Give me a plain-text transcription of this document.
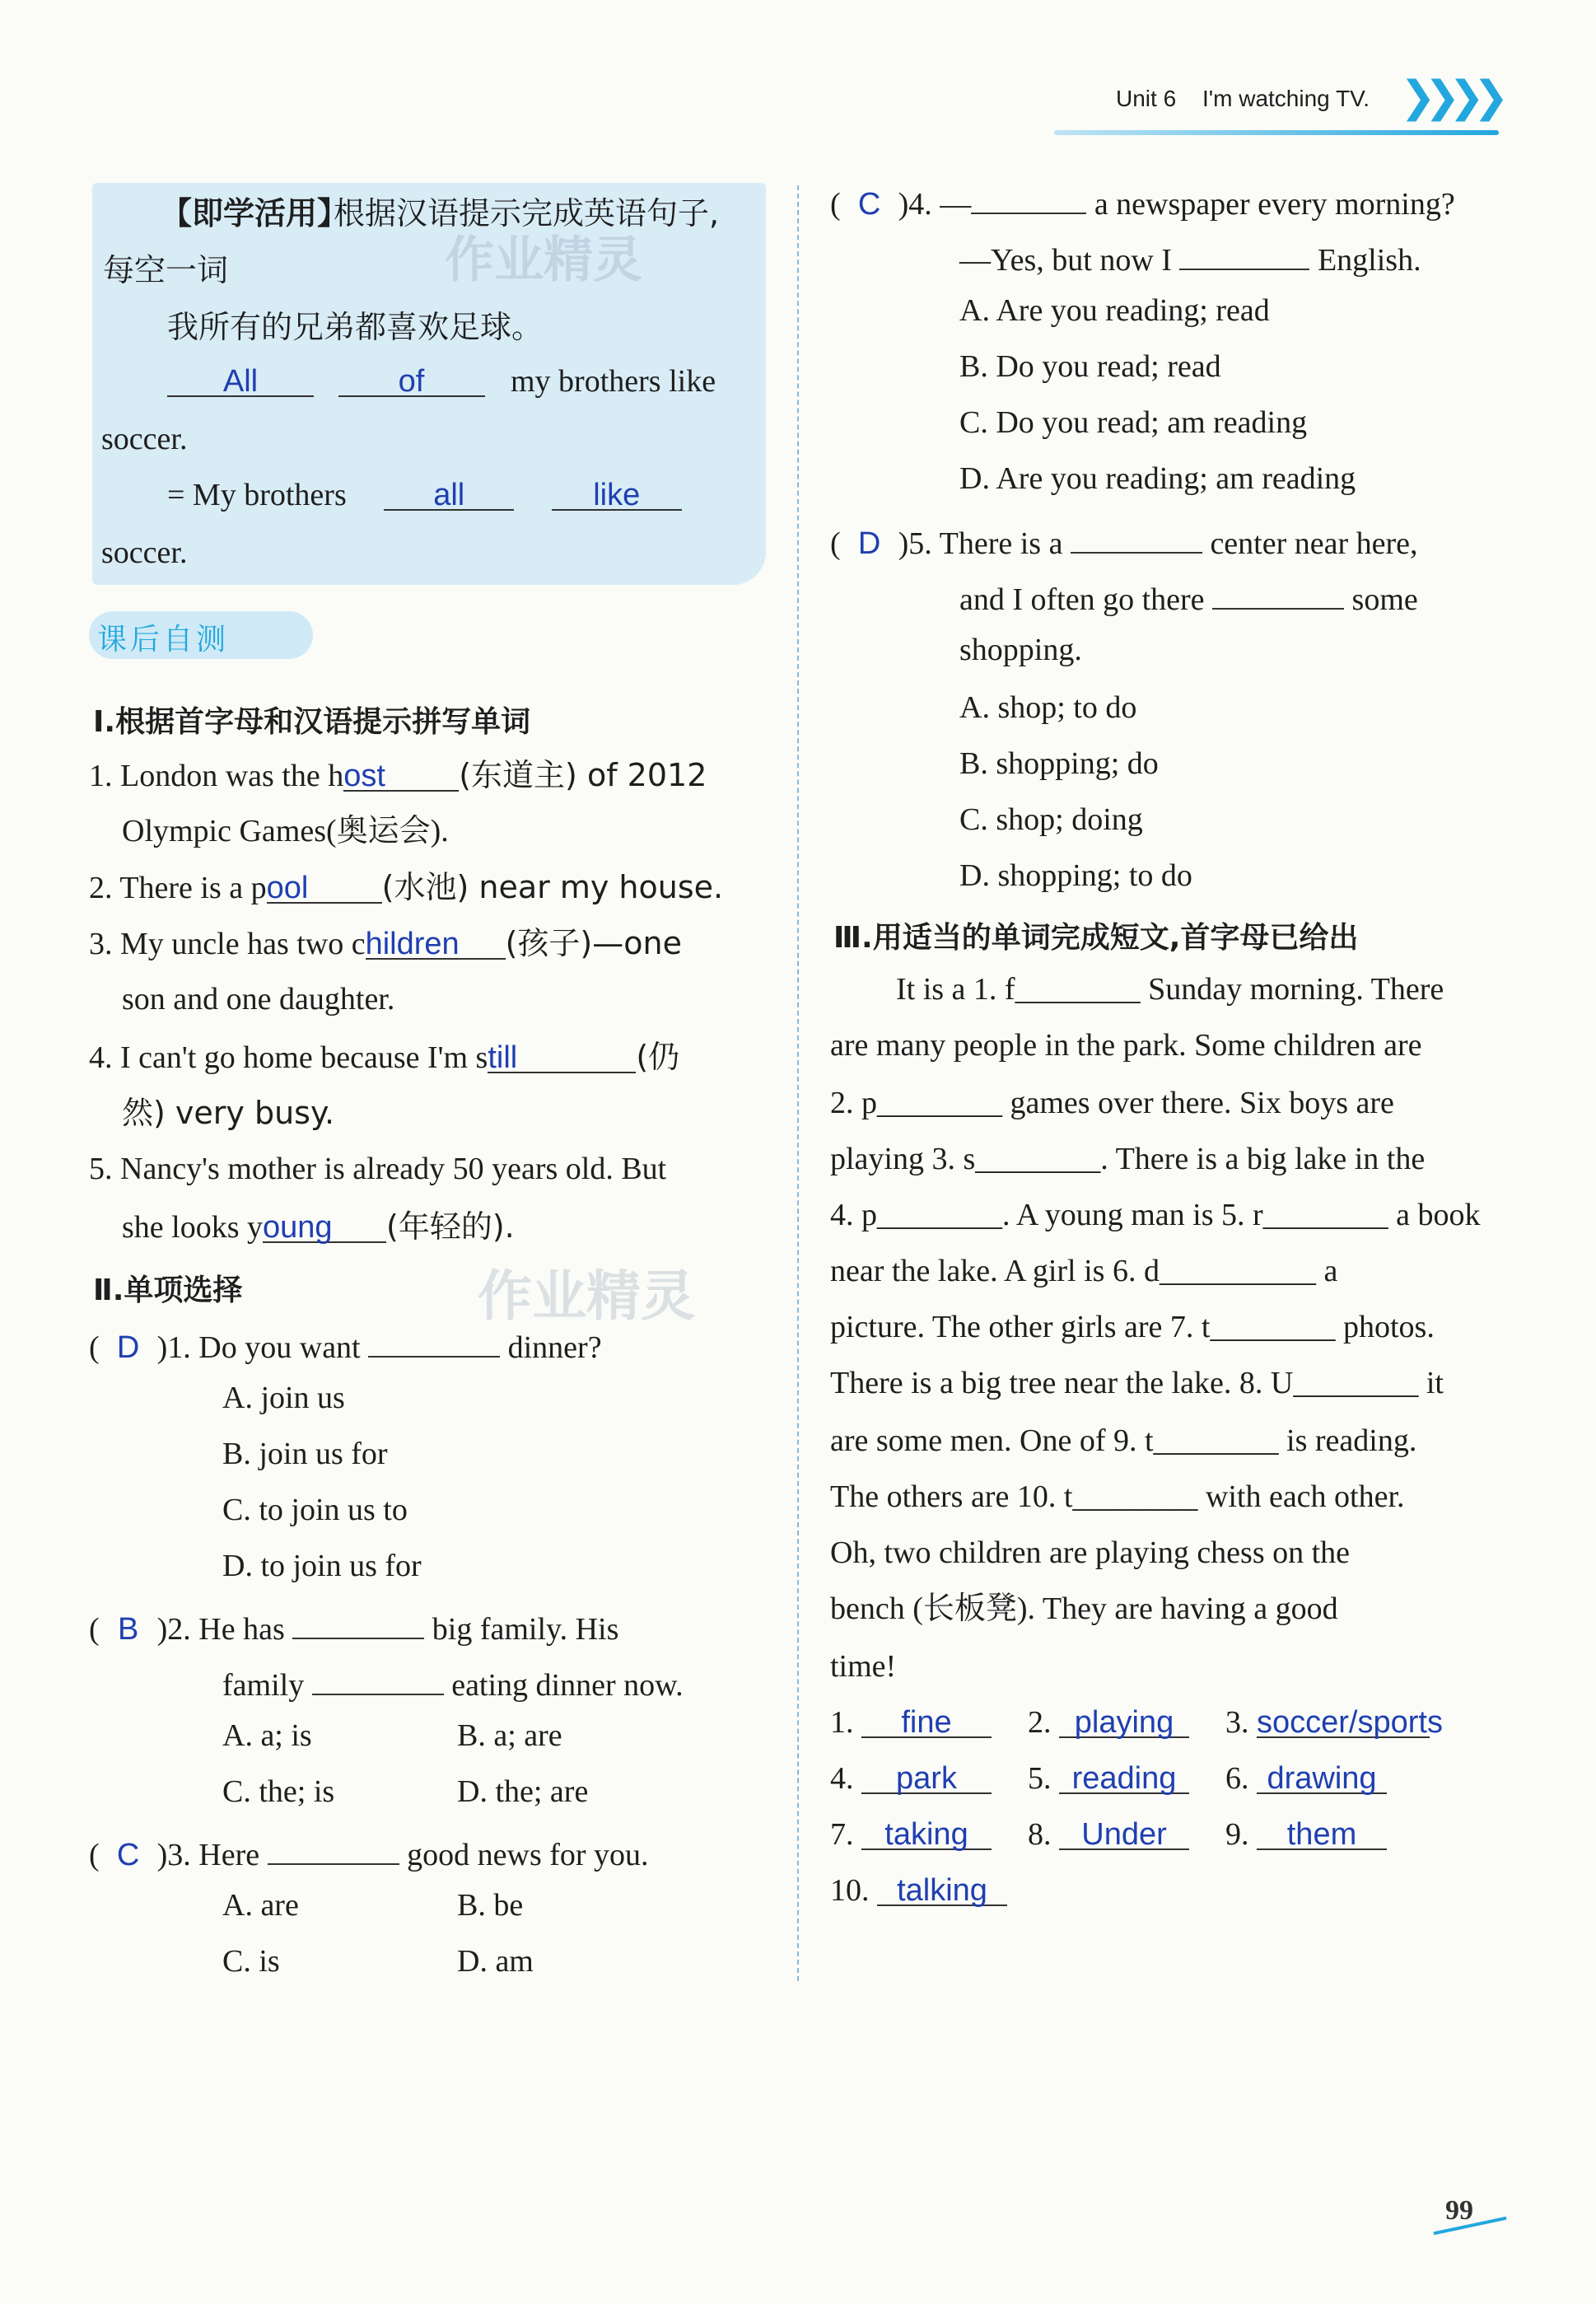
Unit 6 I'm watching TV. ❯❯❯❯
【即学活用】
根据汉语提示完成英语句子,
每空一词
我所有的兄弟都喜欢足球。
作业精灵
All	of	my brothers like
soccer.
= My brothers	all	like
soccer.
课后自测
Ⅰ.根据首字母和汉语提示拼写单词
1. London was the host (东道主) of 2012
Olympic Games(奥运会).
2. There is a pool (水池) near my house.
3. My uncle has two children (孩子)—one
son and one daughter.
4. I can't go home because I'm still	(仍
然) very busy.
5. Nancy's mother is already 50 years old. But
she looks young (年轻的).
Ⅱ.单项选择	作业精灵
( D )1. Do you want	dinner?
A. join us
B. join us for
C. to join us to
D. to join us for
( B )2. He has	big family. His
family	eating dinner now.
A. a; is	B. a; are
C. the; is	D. the; are
( C )3. Here	good news for you.
A. are	B. be
C. is	D. am
( C )4. —	a newspaper every morning?
—Yes, but now I	English.
A. Are you reading; read
B. Do you read; read
C. Do you read; am reading
D. Are you reading; am reading
( D )5. There is a	center near here,
and I often go there	some
shopping.
A. shop; to do
B. shopping; do
C. shop; doing
D. shopping; to do
Ⅲ.用适当的单词完成短文,首字母已给出
It is a 1. f________ Sunday morning. There
are many people in the park. Some children are
2. p________ games over there. Six boys are
playing 3. s________. There is a big lake in the
4. p________. A young man is 5. r________ a book
near the lake. A girl is 6. d__________ a
picture. The other girls are 7. t________ photos.
There is a big tree near the lake. 8. U________ it
are some men. One of 9. t________ is reading.
The others are 10. t________ with each other.
Oh, two children are playing chess on the
bench (长板凳). They are having a good
time!
1. fine	2. playing	3. soccer/sports
4. park	5. reading	6. drawing
7. taking	8. Under	9. them
10. talking
99
